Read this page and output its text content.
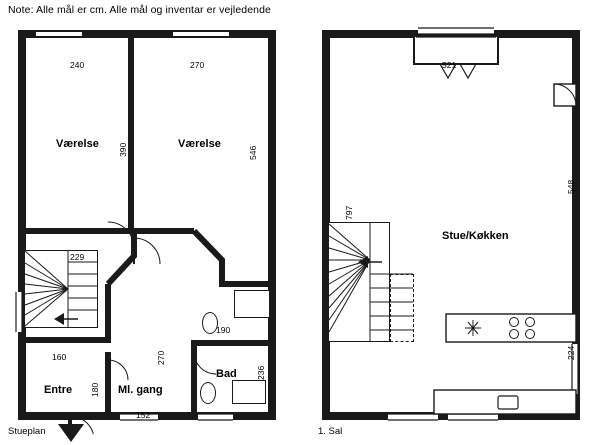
Note: Alle mål er cm. Alle mål og inventar er vejledende
240	270
390	546
229
160	270
190
180
152
236
Værelse	Værelse
Entre	Ml. gang
Bad
Stueplan
521
548
797
224
Stue/Køkken
1. Sal
